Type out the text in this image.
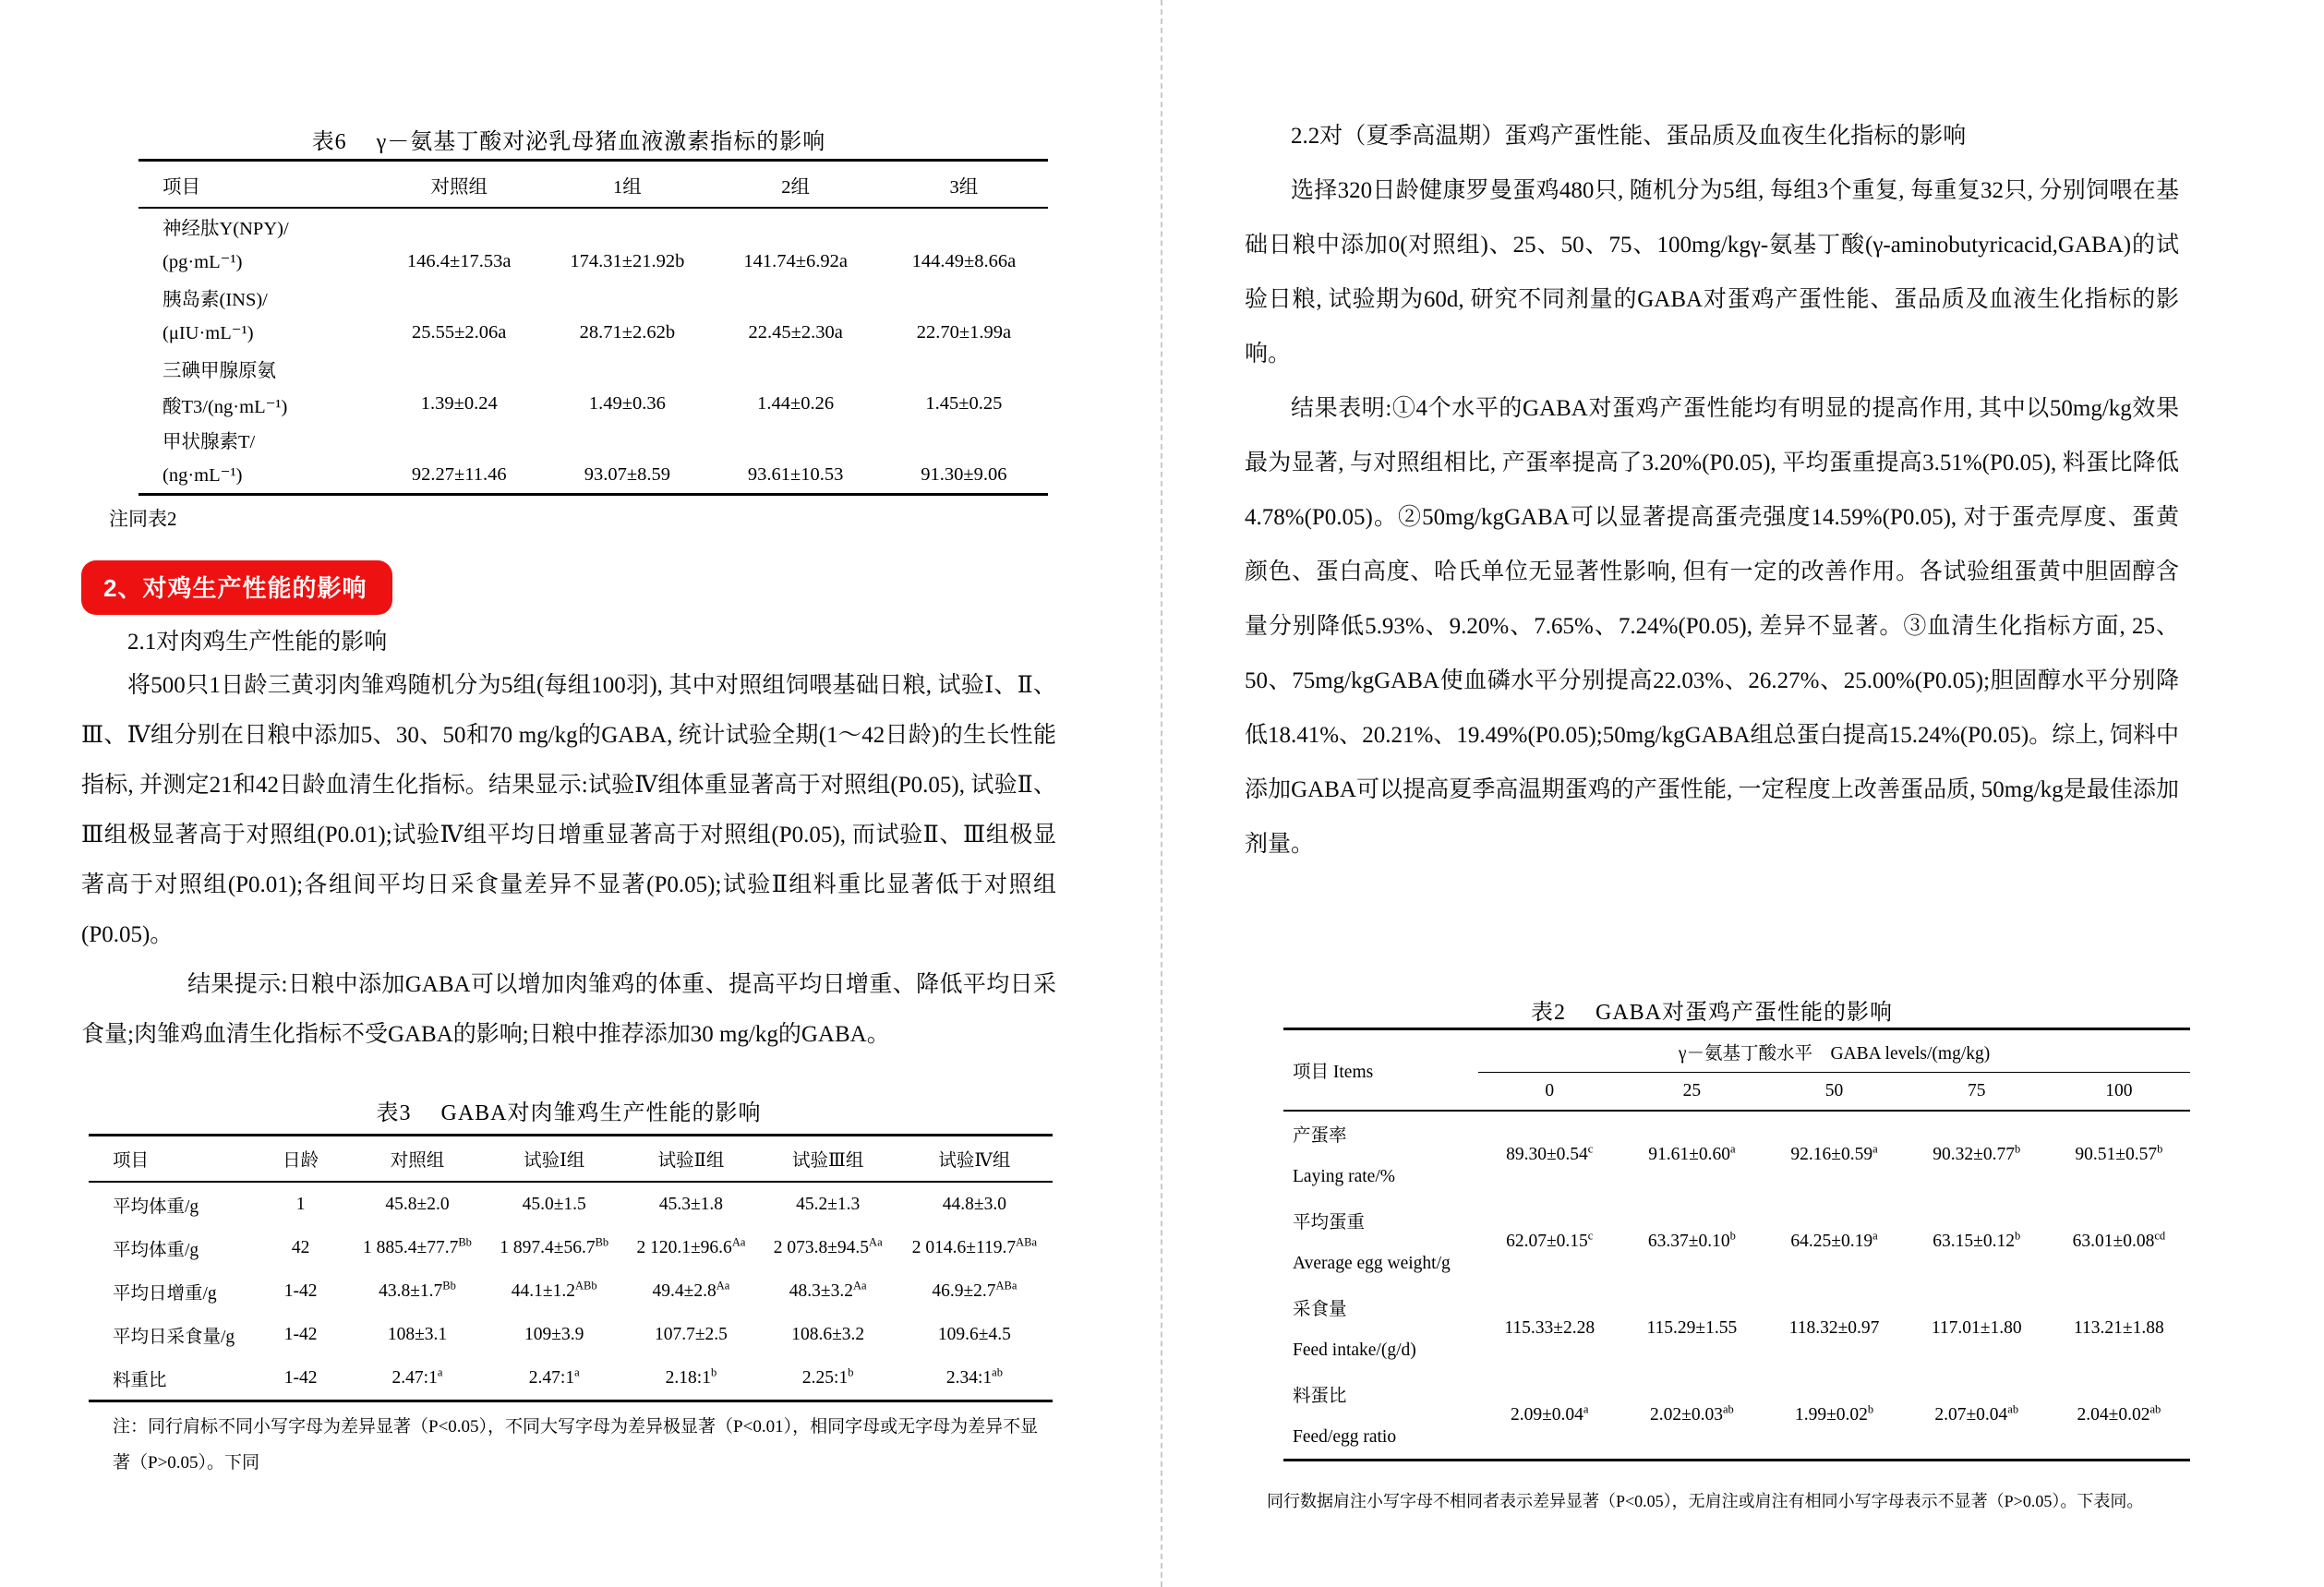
表6　 γ－氨基丁酸对泌乳母猪血液激素指标的影响
项目	对照组	1组	2组	3组
神经肽Y(NPY)/				
(pg·mL⁻¹)	146.4±17.53a	174.31±21.92b	141.74±6.92a	144.49±8.66a
胰岛素(INS)/				
(μIU·mL⁻¹)	25.55±2.06a	28.71±2.62b	22.45±2.30a	22.70±1.99a
三碘甲腺原氨				
酸T3/(ng·mL⁻¹)	1.39±0.24	1.49±0.36	1.44±0.26	1.45±0.25
甲状腺素T/				
(ng·mL⁻¹)	92.27±11.46	93.07±8.59	93.61±10.53	91.30±9.06
注同表2
2、对鸡生产性能的影响
2.1对肉鸡生产性能的影响
将500只1日龄三黄羽肉雏鸡随机分为5组(每组100羽), 其中对照组饲喂基础日粮, 试验Ⅰ、Ⅱ、Ⅲ、Ⅳ组分别在日粮中添加5、30、50和70 mg/kg的GABA, 统计试验全期(1～42日龄)的生长性能指标, 并测定21和42日龄血清生化指标。结果显示:试验Ⅳ组体重显著高于对照组(P0.05), 试验Ⅱ、Ⅲ组极显著高于对照组(P0.01);试验Ⅳ组平均日增重显著高于对照组(P0.05), 而试验Ⅱ、Ⅲ组极显著高于对照组(P0.01);各组间平均日采食量差异不显著(P0.05);试验Ⅱ组料重比显著低于对照组(P0.05)。
结果提示:日粮中添加GABA可以增加肉雏鸡的体重、提高平均日增重、降低平均日采食量;肉雏鸡血清生化指标不受GABA的影响;日粮中推荐添加30 mg/kg的GABA。
表3　 GABA对肉雏鸡生产性能的影响
项目	日龄	对照组	试验Ⅰ组	试验Ⅱ组	试验Ⅲ组	试验Ⅳ组
平均体重/g	1	45.8±2.0	45.0±1.5	45.3±1.8	45.2±1.3	44.8±3.0
平均体重/g	42	1 $885.4\pm 77.7^{Bb}$	1 $897.4\pm 56.7^{Bb}$	2 $120.1\pm 96.6^{Aa}$	2 $073.8\pm 94.5^{Aa}$	2 $014.6\pm 119.7^{ABa}$
平均日增重/g	1-42	$43.8\pm 1.7^{Bb}$	$44.1\pm 1.2^{ABb}$	$49.4\pm 2.8^{Aa}$	$48.3\pm 3.2^{Aa}$	$46.9\pm 2.7^{ABa}$
平均日采食量/g	1-42	108±3.1	109±3.9	107.7±2.5	108.6±3.2	109.6±4.5
料重比	1-42	2.47:1$^a$	2.47:1$^a$	2.18:1$^b$	2.25:1$^b$	$2.34:1^{ab}$
注：同行肩标不同小写字母为差异显著（P<0.05），不同大写字母为差异极显著（P<0.01），相同字母或无字母为差异不显
著（P>0.05）。下同
2.2对（夏季高温期）蛋鸡产蛋性能、蛋品质及血夜生化指标的影响
选择320日龄健康罗曼蛋鸡480只, 随机分为5组, 每组3个重复, 每重复32只, 分别饲喂在基础日粮中添加0(对照组)、25、50、75、100mg/kgγ-氨基丁酸(γ-aminobutyricacid,GABA)的试验日粮, 试验期为60d, 研究不同剂量的GABA对蛋鸡产蛋性能、蛋品质及血液生化指标的影响。
结果表明:①4个水平的GABA对蛋鸡产蛋性能均有明显的提高作用, 其中以50mg/kg效果最为显著, 与对照组相比, 产蛋率提高了3.20%(P0.05), 平均蛋重提高3.51%(P0.05), 料蛋比降低4.78%(P0.05)。②50mg/kgGABA可以显著提高蛋壳强度14.59%(P0.05), 对于蛋壳厚度、蛋黄颜色、蛋白高度、哈氏单位无显著性影响, 但有一定的改善作用。各试验组蛋黄中胆固醇含量分别降低5.93%、9.20%、7.65%、7.24%(P0.05), 差异不显著。③血清生化指标方面, 25、50、75mg/kgGABA使血磷水平分别提高22.03%、26.27%、25.00%(P0.05);胆固醇水平分别降低18.41%、20.21%、19.49%(P0.05);50mg/kgGABA组总蛋白提高15.24%(P0.05)。综上, 饲料中添加GABA可以提高夏季高温期蛋鸡的产蛋性能, 一定程度上改善蛋品质, 50mg/kg是最佳添加剂量。
表2　 GABA对蛋鸡产蛋性能的影响
项目 Items	γ－氨基丁酸水平　GABA levels/(mg/kg)				
	0	25	50	75	100
产蛋率	89.30±0.54$^c$	91.61±0.60$^a$	92.16±0.59$^a$	90.32±0.77$^b$	90.51±0.57$^b$
Laying rate/%					
平均蛋重	62.07±0.15$^c$	63.37±0.10$^b$	64.25±0.19$^a$	63.15±0.12$^b$	63.01±0.08$^{cd}$
Average egg weight/g					
采食量	115.33±2.28	115.29±1.55	118.32±0.97	117.01±1.80	113.21±1.88
Feed intake/(g/d)					
料蛋比	2.09±0.04$^a$	2.02±0.03$^{ab}$	1.99±0.02$^b$	2.07±0.04$^{ab}$	2.04±0.02$^{ab}$
Feed/egg ratio					
同行数据肩注小写字母不相同者表示差异显著（P<0.05），无肩注或肩注有相同小写字母表示不显著（P>0.05）。下表同。
